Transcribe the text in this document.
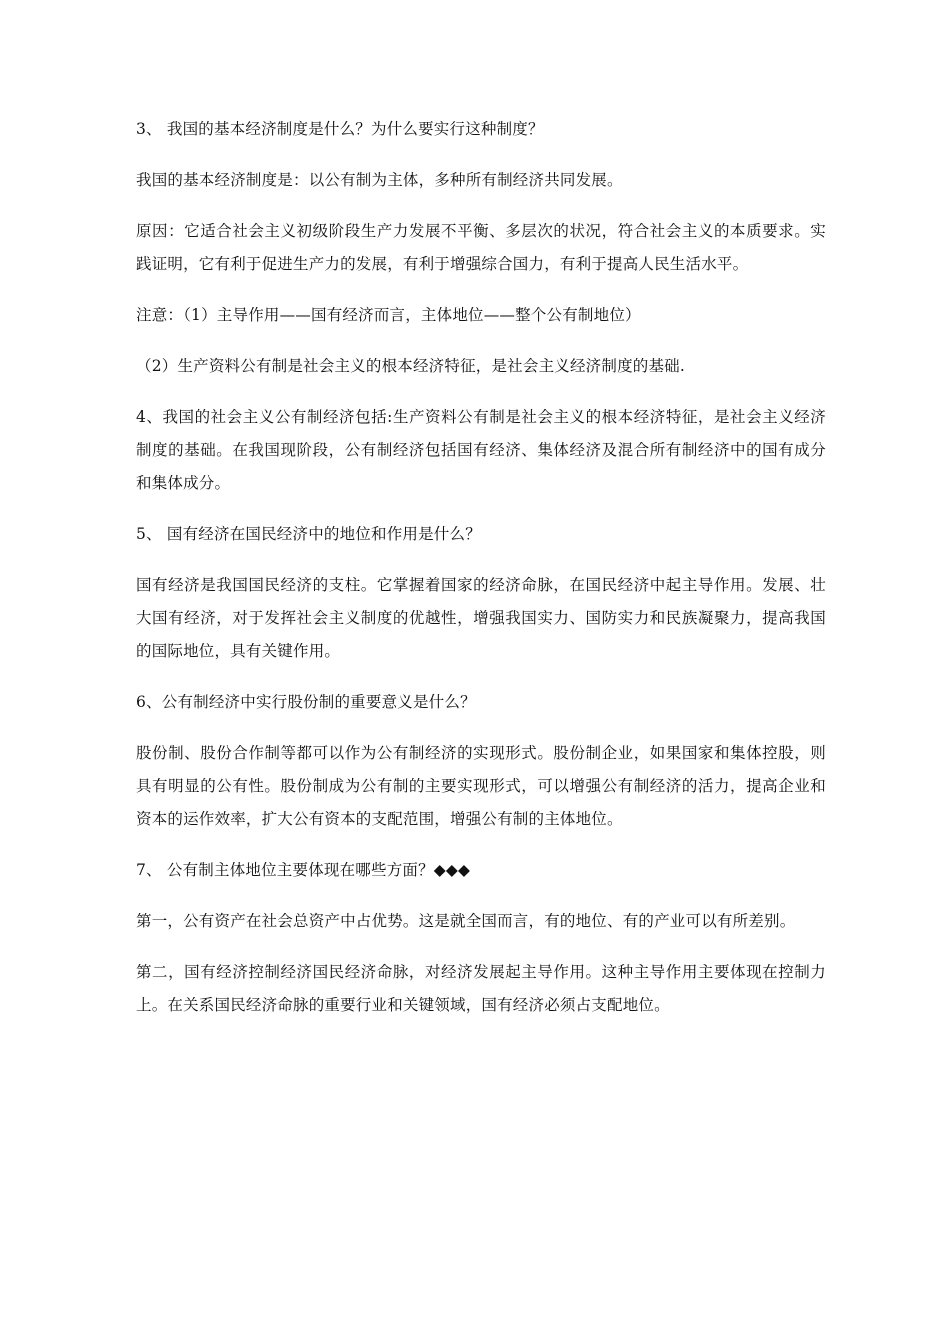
3、 我国的基本经济制度是什么？为什么要实行这种制度？

我国的基本经济制度是：以公有制为主体，多种所有制经济共同发展。

原因：它适合社会主义初级阶段生产力发展不平衡、多层次的状况，符合社会主义的本质要求。实践证明，它有利于促进生产力的发展，有利于增强综合国力，有利于提高人民生活水平。

注意：（1）主导作用——国有经济而言，主体地位——整个公有制地位）

（2）生产资料公有制是社会主义的根本经济特征，是社会主义经济制度的基础.

4、我国的社会主义公有制经济包括:生产资料公有制是社会主义的根本经济特征，是社会主义经济制度的基础。在我国现阶段，公有制经济包括国有经济、集体经济及混合所有制经济中的国有成分和集体成分。

5、 国有经济在国民经济中的地位和作用是什么？

国有经济是我国国民经济的支柱。它掌握着国家的经济命脉，在国民经济中起主导作用。发展、壮大国有经济，对于发挥社会主义制度的优越性，增强我国实力、国防实力和民族凝聚力，提高我国的国际地位，具有关键作用。

6、公有制经济中实行股份制的重要意义是什么？

股份制、股份合作制等都可以作为公有制经济的实现形式。股份制企业，如果国家和集体控股，则具有明显的公有性。股份制成为公有制的主要实现形式，可以增强公有制经济的活力，提高企业和资本的运作效率，扩大公有资本的支配范围，增强公有制的主体地位。

7、 公有制主体地位主要体现在哪些方面？◆◆◆

第一，公有资产在社会总资产中占优势。这是就全国而言，有的地位、有的产业可以有所差别。

第二，国有经济控制经济国民经济命脉，对经济发展起主导作用。这种主导作用主要体现在控制力上。在关系国民经济命脉的重要行业和关键领域，国有经济必须占支配地位。
